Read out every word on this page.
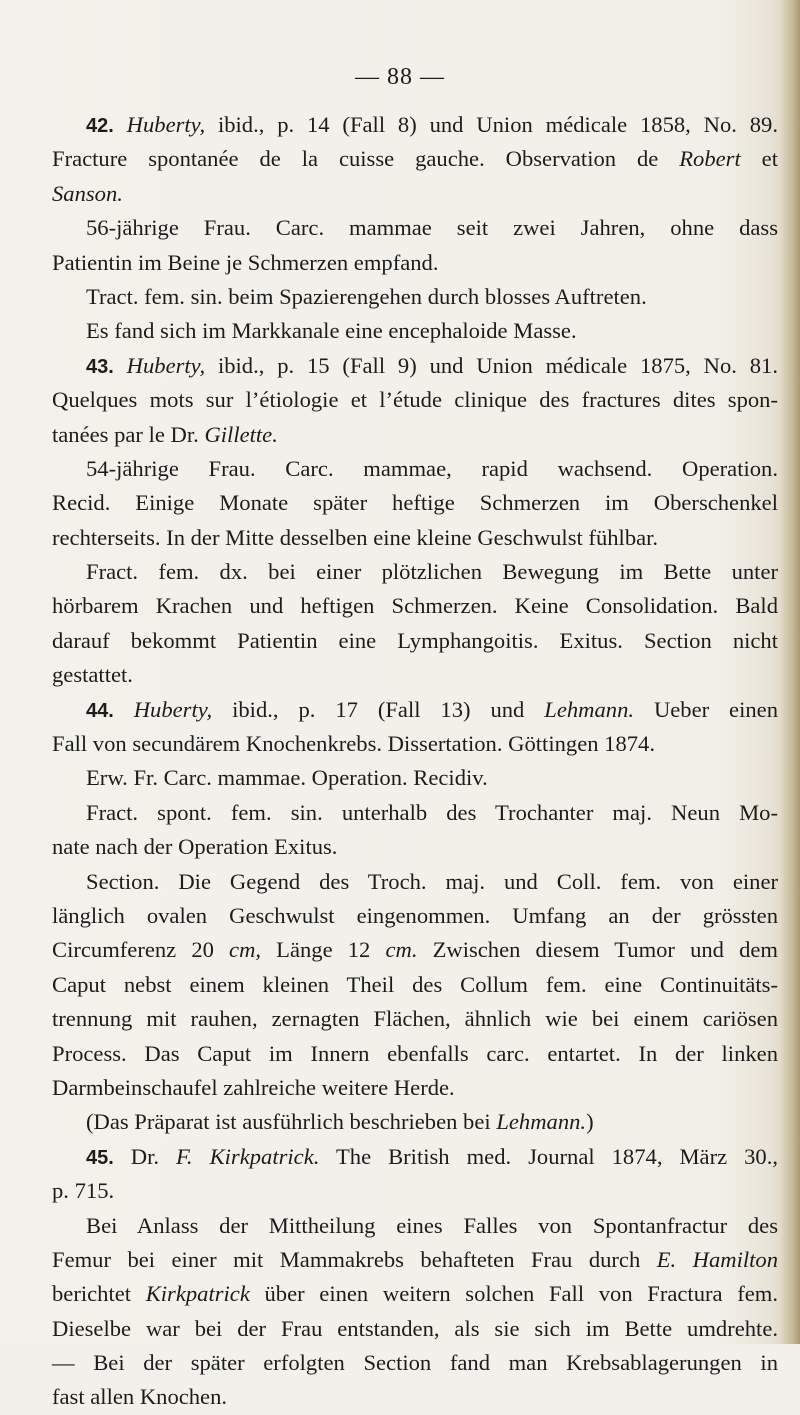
— 88 —
42. Huberty, ibid., p. 14 (Fall 8) und Union médicale 1858, No. 89.
Fracture spontanée de la cuisse gauche. Observation de Robert et
Sanson.
56-jährige Frau. Carc. mammae seit zwei Jahren, ohne dass
Patientin im Beine je Schmerzen empfand.
Tract. fem. sin. beim Spazierengehen durch blosses Auftreten.
Es fand sich im Markkanale eine encephaloide Masse.
43. Huberty, ibid., p. 15 (Fall 9) und Union médicale 1875, No. 81.
Quelques mots sur l’étiologie et l’étude clinique des fractures dites spon-
tanées par le Dr. Gillette.
54-jährige Frau. Carc. mammae, rapid wachsend. Operation.
Recid. Einige Monate später heftige Schmerzen im Oberschenkel
rechterseits. In der Mitte desselben eine kleine Geschwulst fühlbar.
Fract. fem. dx. bei einer plötzlichen Bewegung im Bette unter
hörbarem Krachen und heftigen Schmerzen. Keine Consolidation. Bald
darauf bekommt Patientin eine Lymphangoitis. Exitus. Section nicht
gestattet.
44. Huberty, ibid., p. 17 (Fall 13) und Lehmann. Ueber einen
Fall von secundärem Knochenkrebs. Dissertation. Göttingen 1874.
Erw. Fr. Carc. mammae. Operation. Recidiv.
Fract. spont. fem. sin. unterhalb des Trochanter maj. Neun Mo-
nate nach der Operation Exitus.
Section. Die Gegend des Troch. maj. und Coll. fem. von einer
länglich ovalen Geschwulst eingenommen. Umfang an der grössten
Circumferenz 20 cm, Länge 12 cm. Zwischen diesem Tumor und dem
Caput nebst einem kleinen Theil des Collum fem. eine Continuitäts-
trennung mit rauhen, zernagten Flächen, ähnlich wie bei einem cariösen
Process. Das Caput im Innern ebenfalls carc. entartet. In der linken
Darmbeinschaufel zahlreiche weitere Herde.
(Das Präparat ist ausführlich beschrieben bei Lehmann.)
45. Dr. F. Kirkpatrick. The British med. Journal 1874, März 30.,
p. 715.
Bei Anlass der Mittheilung eines Falles von Spontanfractur des
Femur bei einer mit Mammakrebs behafteten Frau durch E. Hamilton
berichtet Kirkpatrick über einen weitern solchen Fall von Fractura fem.
Dieselbe war bei der Frau entstanden, als sie sich im Bette umdrehte.
— Bei der später erfolgten Section fand man Krebsablagerungen in
fast allen Knochen.
